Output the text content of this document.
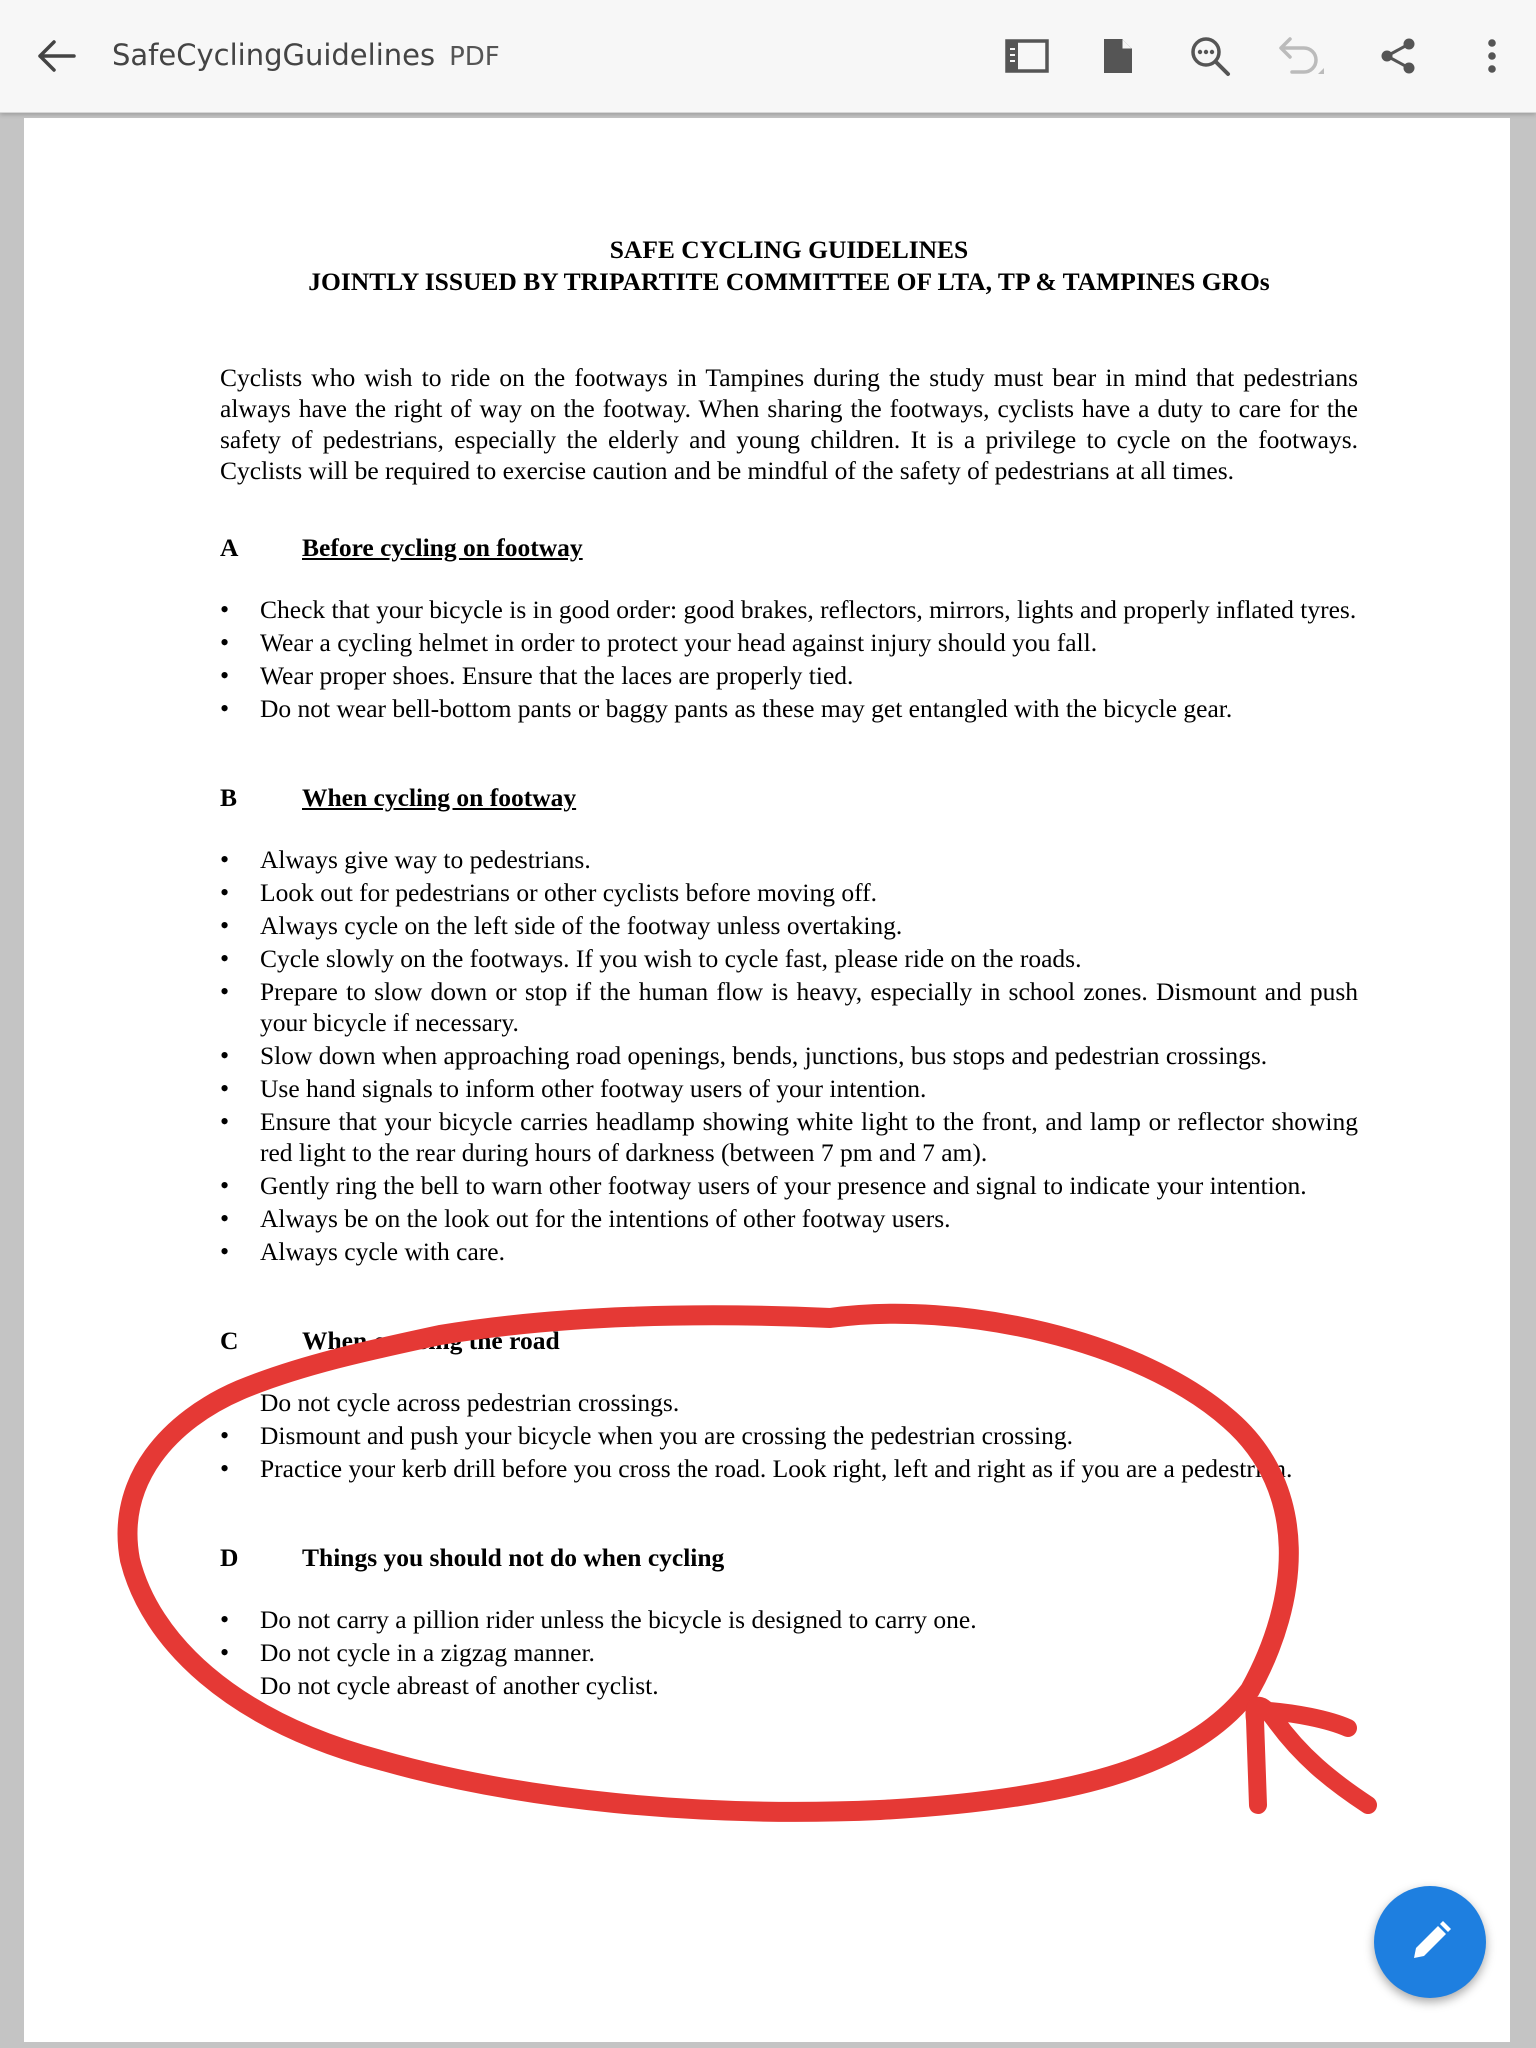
SafeCyclingGuidelines PDF
SAFE CYCLING GUIDELINES
JOINTLY ISSUED BY TRIPARTITE COMMITTEE OF LTA, TP & TAMPINES GROs

Cyclists who wish to ride on the footways in Tampines during the study must bear in mind that pedestrians always have the right of way on the footway. When sharing the footways, cyclists have a duty to care for the safety of pedestrians, especially the elderly and young children. It is a privilege to cycle on the footways. Cyclists will be required to exercise caution and be mindful of the safety of pedestrians at all times.

A	Before cycling on footway
• Check that your bicycle is in good order: good brakes, reflectors, mirrors, lights and properly inflated tyres.
• Wear a cycling helmet in order to protect your head against injury should you fall.
• Wear proper shoes. Ensure that the laces are properly tied.
• Do not wear bell-bottom pants or baggy pants as these may get entangled with the bicycle gear.
B	When cycling on footway
• Always give way to pedestrians.
• Look out for pedestrians or other cyclists before moving off.
• Always cycle on the left side of the footway unless overtaking.
• Cycle slowly on the footways. If you wish to cycle fast, please ride on the roads.
• Prepare to slow down or stop if the human flow is heavy, especially in school zones. Dismount and push your bicycle if necessary.
• Slow down when approaching road openings, bends, junctions, bus stops and pedestrian crossings.
• Use hand signals to inform other footway users of your intention.
• Ensure that your bicycle carries headlamp showing white light to the front, and lamp or reflector showing red light to the rear during hours of darkness (between 7 pm and 7 am).
• Gently ring the bell to warn other footway users of your presence and signal to indicate your intention.
• Always be on the look out for the intentions of other footway users.
• Always cycle with care.
C	When crossing the road
• Do not cycle across pedestrian crossings.
• Dismount and push your bicycle when you are crossing the pedestrian crossing.
• Practice your kerb drill before you cross the road. Look right, left and right as if you are a pedestrian.
D	Things you should not do when cycling
• Do not carry a pillion rider unless the bicycle is designed to carry one.
• Do not cycle in a zigzag manner.
• Do not cycle abreast of another cyclist.
